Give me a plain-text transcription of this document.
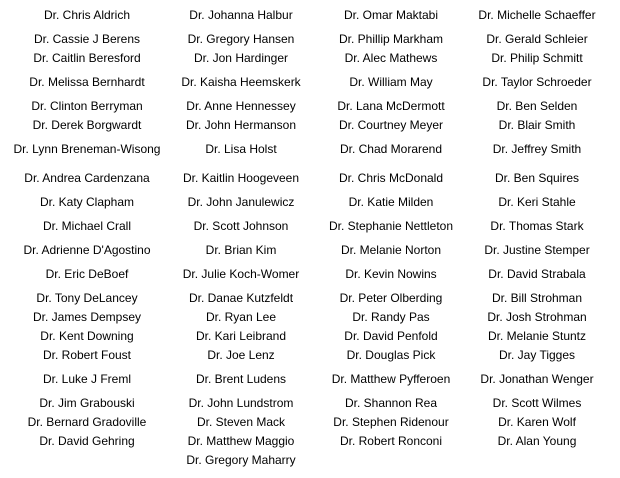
Dr. Chris Aldrich	Dr. Johanna Halbur	Dr. Omar Maktabi	Dr. Michelle Schaeffer
Dr. Cassie J Berens	Dr. Gregory Hansen	Dr. Phillip Markham	Dr. Gerald Schleier
Dr. Caitlin Beresford	Dr. Jon Hardinger	Dr. Alec Mathews	Dr. Philip Schmitt
Dr. Melissa Bernhardt	Dr. Kaisha Heemskerk	Dr. William May	Dr. Taylor Schroeder
Dr. Clinton Berryman	Dr. Anne Hennessey	Dr. Lana McDermott	Dr. Ben Selden
Dr. Derek Borgwardt	Dr. John Hermanson	Dr. Courtney Meyer	Dr. Blair Smith
Dr. Lynn Breneman-Wisong	Dr. Lisa Holst	Dr. Chad Morarend	Dr. Jeffrey Smith
Dr. Andrea Cardenzana	Dr. Kaitlin Hoogeveen	Dr. Chris McDonald	Dr. Ben Squires
Dr. Katy Clapham	Dr. John Janulewicz	Dr. Katie Milden	Dr. Keri Stahle
Dr. Michael Crall	Dr. Scott Johnson	Dr. Stephanie Nettleton	Dr. Thomas Stark
Dr. Adrienne D'Agostino	Dr. Brian Kim	Dr. Melanie Norton	Dr. Justine Stemper
Dr. Eric DeBoef	Dr. Julie Koch-Womer	Dr. Kevin Nowins	Dr. David Strabala
Dr. Tony DeLancey	Dr. Danae Kutzfeldt	Dr. Peter Olberding	Dr. Bill Strohman
Dr. James Dempsey	Dr. Ryan Lee	Dr. Randy Pas	Dr. Josh Strohman
Dr. Kent Downing	Dr. Kari Leibrand	Dr. David Penfold	Dr. Melanie Stuntz
Dr. Robert Foust	Dr. Joe Lenz	Dr. Douglas Pick	Dr. Jay Tigges
Dr. Luke J Freml	Dr. Brent Ludens	Dr. Matthew Pyfferoen	Dr. Jonathan Wenger
Dr. Jim Grabouski	Dr. John Lundstrom	Dr. Shannon Rea	Dr. Scott Wilmes
Dr. Bernard Gradoville	Dr. Steven Mack	Dr. Stephen Ridenour	Dr. Karen Wolf
Dr. David Gehring	Dr. Matthew Maggio	Dr. Robert Ronconi	Dr. Alan Young
	Dr. Gregory Maharry		
